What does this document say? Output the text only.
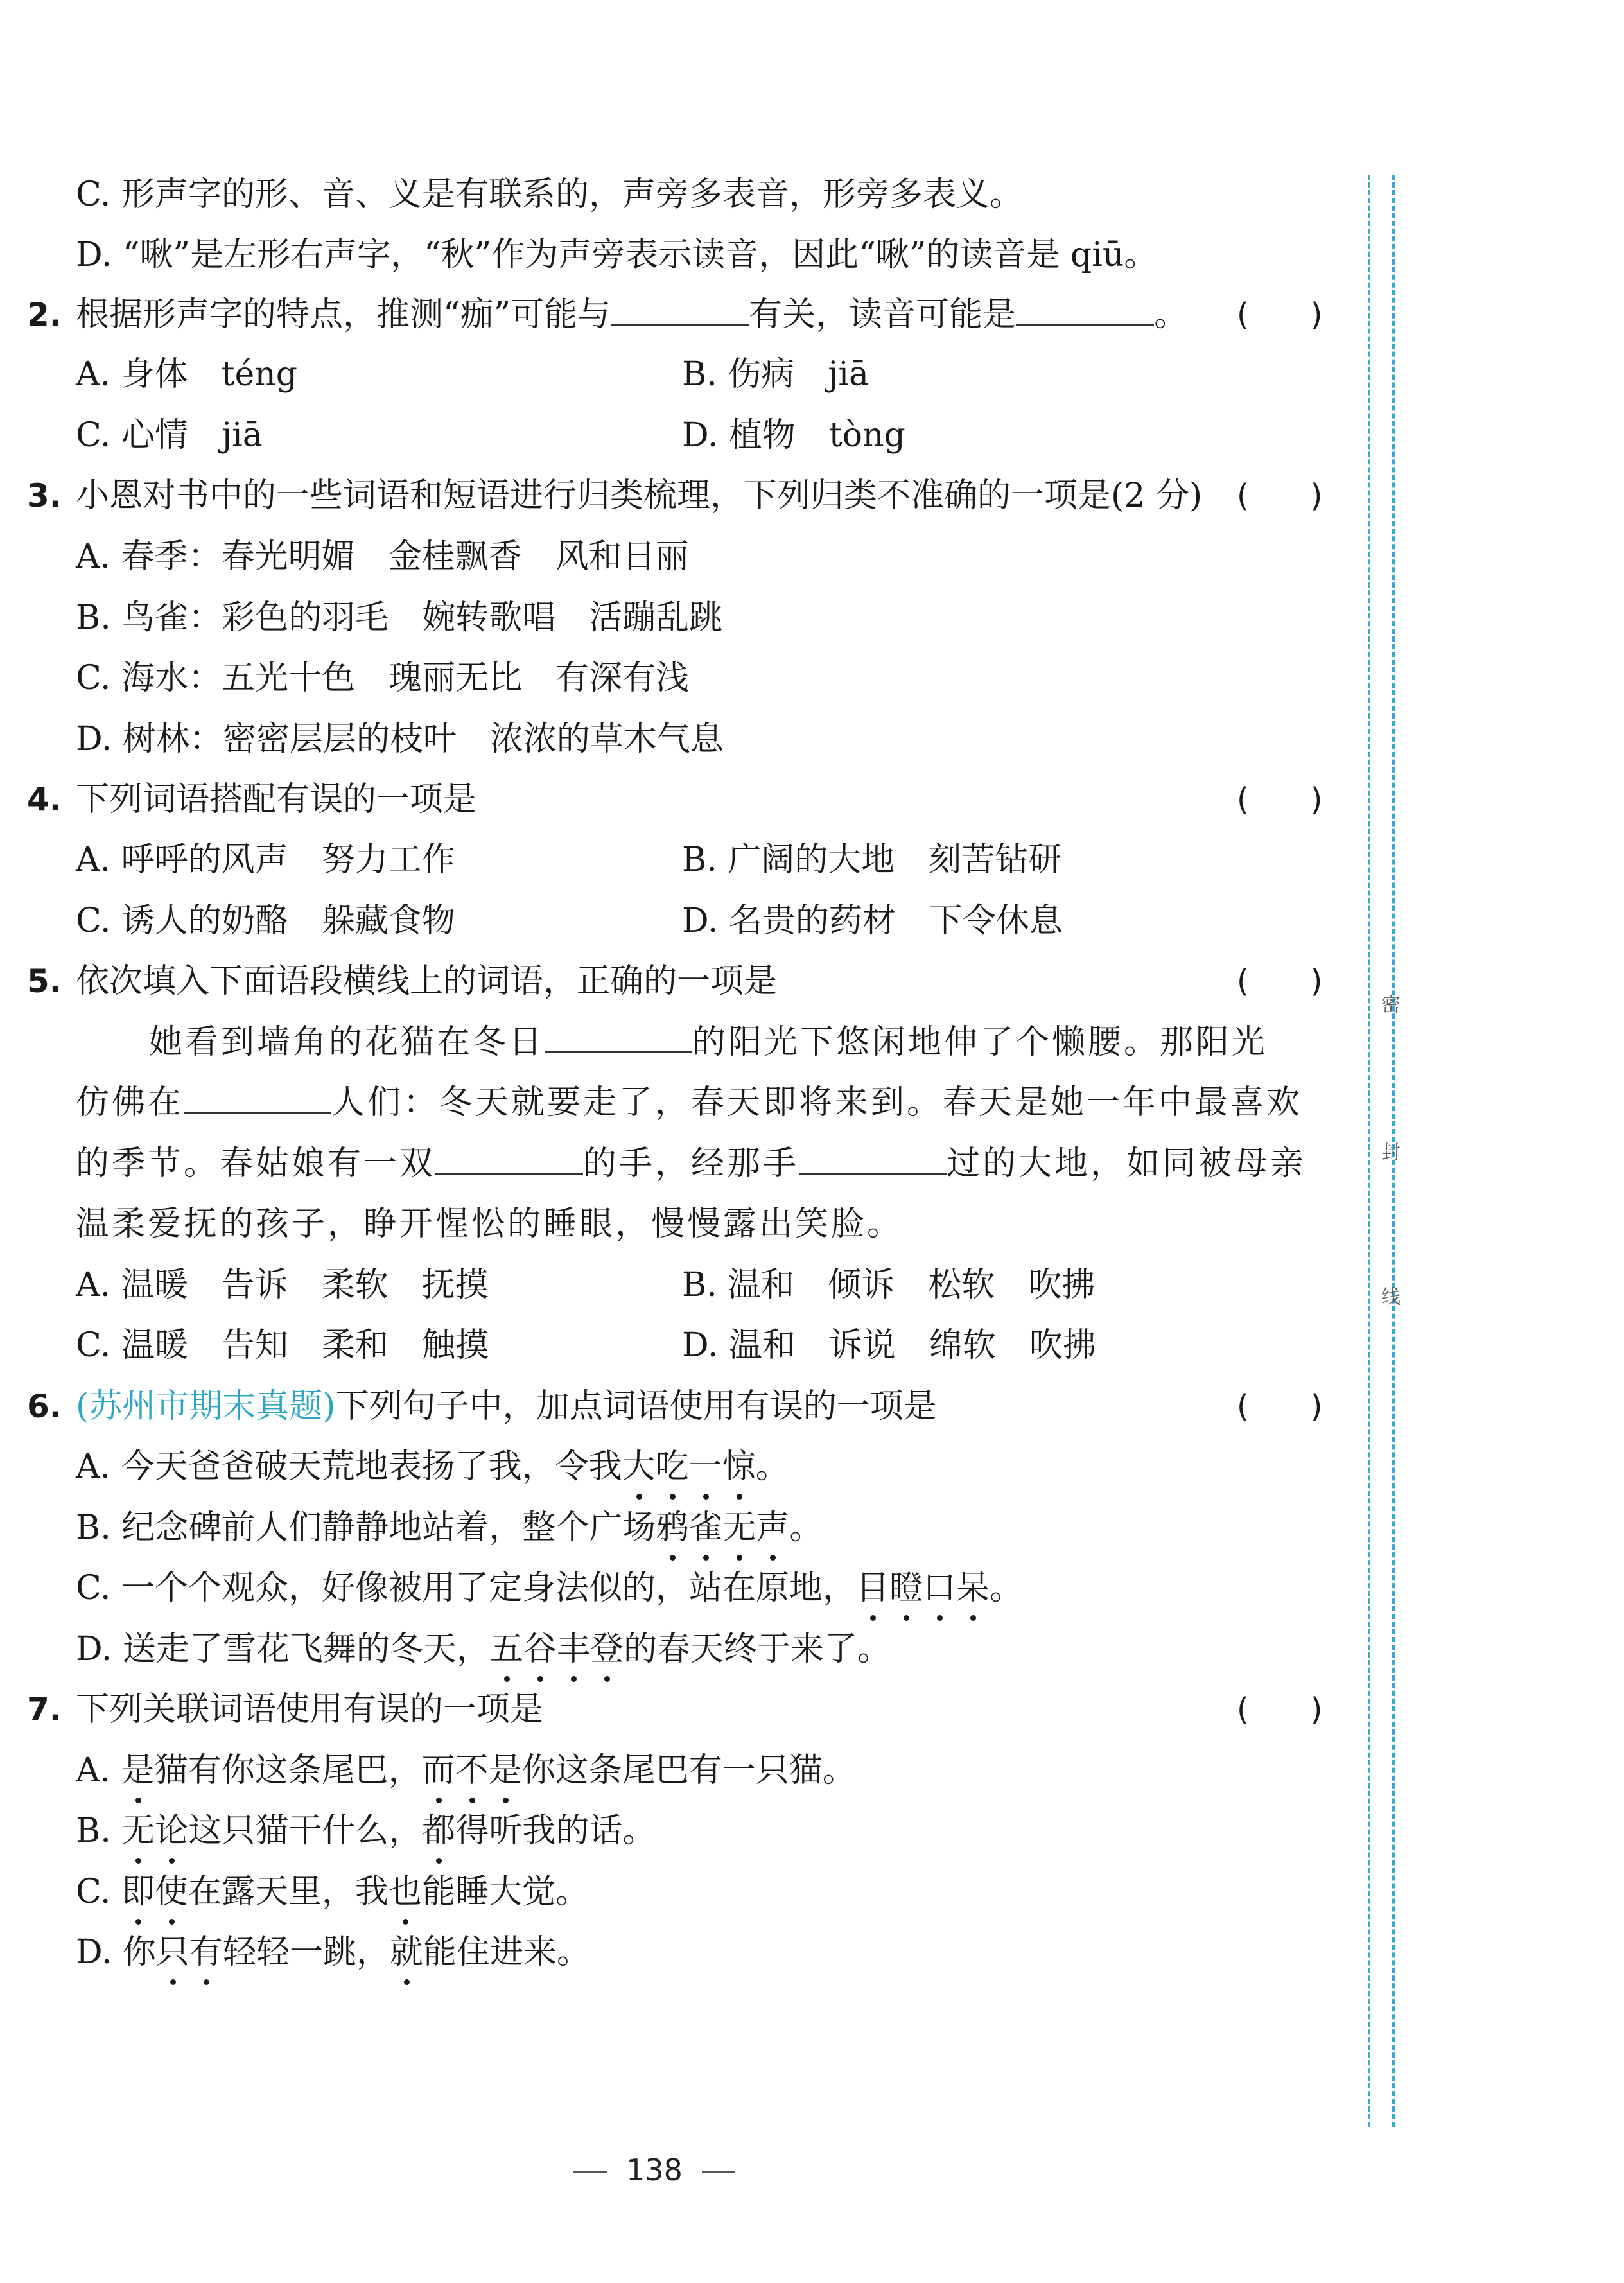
C. 形声字的形、音、义是有联系的，声旁多表音，形旁多表义。
D. “啾”是左形右声字，“秋”作为声旁表示读音，因此“啾”的读音是 qiū。
2. 根据形声字的特点，推测“痂”可能与	有关，读音可能是	。 (　　)
A. 身体　téng	B. 伤病　jiā
C. 心情　jiā	D. 植物　tòng
3. 小恩对书中的一些词语和短语进行归类梳理，下列归类不准确的一项是(2 分) (　　)
A. 春季：春光明媚　金桂飘香　风和日丽
B. 鸟雀：彩色的羽毛　婉转歌唱　活蹦乱跳
C. 海水：五光十色　瑰丽无比　有深有浅
D. 树林：密密层层的枝叶　浓浓的草木气息
4. 下列词语搭配有误的一项是	(　　)
A. 呼呼的风声　努力工作	B. 广阔的大地　刻苦钻研
C. 诱人的奶酪　躲藏食物	D. 名贵的药材　下令休息
5. 依次填入下面语段横线上的词语，正确的一项是	(　　)
她看到墙角的花猫在冬日	的阳光下悠闲地伸了个懒腰。那阳光
仿佛在	人们：冬天就要走了，春天即将来到。春天是她一年中最喜欢
的季节。春姑娘有一双	的手，经那手	过的大地，如同被母亲
温柔爱抚的孩子，睁开惺忪的睡眼，慢慢露出笑脸。
A. 温暖　告诉　柔软　抚摸	B. 温和　倾诉　松软　吹拂
C. 温暖　告知　柔和　触摸	D. 温和　诉说　绵软　吹拂
6. (苏州市期末真题)下列句子中，加点词语使用有误的一项是	(　　)
A. 今天爸爸破天荒地表扬了我，令我大吃一惊。
B. 纪念碑前人们静静地站着，整个广场鸦雀无声。
C. 一个个观众，好像被用了定身法似的，站在原地，目瞪口呆。
D. 送走了雪花飞舞的冬天，五谷丰登的春天终于来了。
7. 下列关联词语使用有误的一项是	(　　)
A. 是猫有你这条尾巴，而不是你这条尾巴有一只猫。
B. 无论这只猫干什么，都得听我的话。
C. 即使在露天里，我也能睡大觉。
D. 你只有轻轻一跳，就能住进来。
密
封
线
138
